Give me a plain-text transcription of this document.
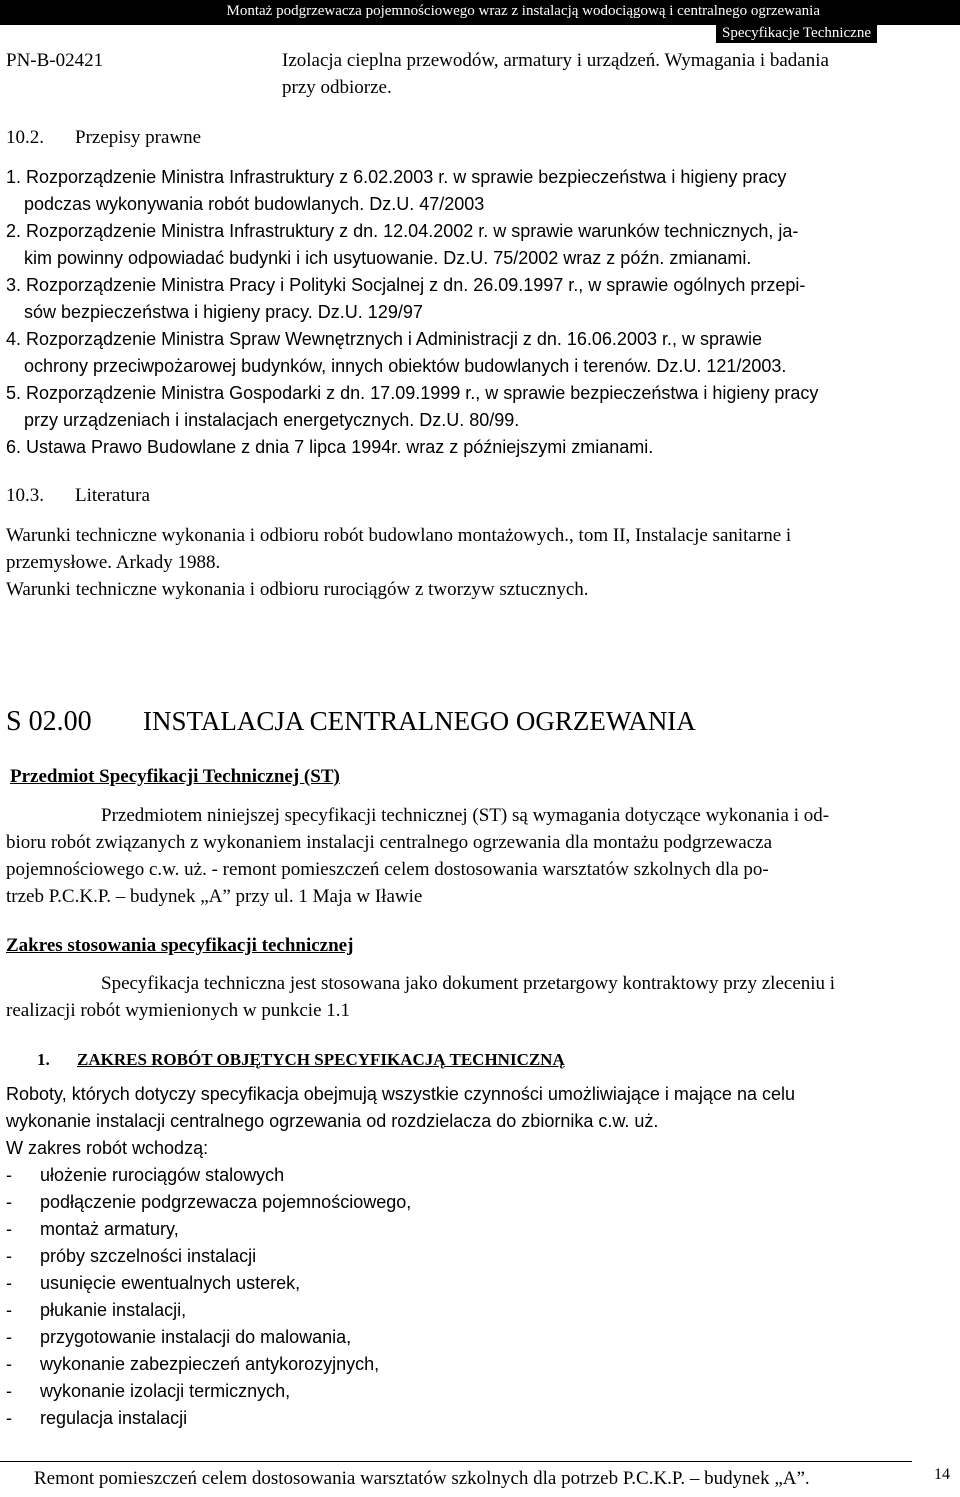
Montaż podgrzewacza pojemnościowego wraz z instalacją wodociągową i centralnego ogrzewania
Specyfikacje Techniczne
PN-B-02421	Izolacja cieplna przewodów, armatury i urządzeń. Wymagania i badania
przy odbiorze.
10.2. Przepisy prawne
1. Rozporządzenie Ministra Infrastruktury z 6.02.2003 r. w sprawie bezpieczeństwa i higieny pracy
podczas wykonywania robót budowlanych. Dz.U. 47/2003
2. Rozporządzenie Ministra Infrastruktury z dn. 12.04.2002 r. w sprawie warunków technicznych, ja-
kim powinny odpowiadać budynki i ich usytuowanie. Dz.U. 75/2002 wraz z późn. zmianami.
3. Rozporządzenie Ministra Pracy i Polityki Socjalnej z dn. 26.09.1997 r., w sprawie ogólnych przepi-
sów bezpieczeństwa i higieny pracy. Dz.U. 129/97
4. Rozporządzenie Ministra Spraw Wewnętrznych i Administracji z dn. 16.06.2003 r., w sprawie
ochrony przeciwpożarowej budynków, innych obiektów budowlanych i terenów. Dz.U. 121/2003.
5. Rozporządzenie Ministra Gospodarki z dn. 17.09.1999 r., w sprawie bezpieczeństwa i higieny pracy
przy urządzeniach i instalacjach energetycznych. Dz.U. 80/99.
6. Ustawa Prawo Budowlane z dnia 7 lipca 1994r. wraz z późniejszymi zmianami.
10.3. Literatura
Warunki techniczne wykonania i odbioru robót budowlano montażowych., tom II, Instalacje sanitarne i
przemysłowe. Arkady 1988.
Warunki techniczne wykonania i odbioru rurociągów z tworzyw sztucznych.
S 02.00 INSTALACJA CENTRALNEGO OGRZEWANIA
Przedmiot Specyfikacji Technicznej (ST)
Przedmiotem niniejszej specyfikacji technicznej (ST) są wymagania dotyczące wykonania i od-
bioru robót związanych z wykonaniem instalacji centralnego ogrzewania dla montażu podgrzewacza
pojemnościowego c.w. uż. - remont pomieszczeń celem dostosowania warsztatów szkolnych dla po-
trzeb P.C.K.P. – budynek „A” przy ul. 1 Maja w Iławie
Zakres stosowania specyfikacji technicznej
Specyfikacja techniczna jest stosowana jako dokument przetargowy kontraktowy przy zleceniu i
realizacji robót wymienionych w punkcie 1.1
1. ZAKRES ROBÓT OBJĘTYCH SPECYFIKACJĄ TECHNICZNĄ
Roboty, których dotyczy specyfikacja obejmują wszystkie czynności umożliwiające i mające na celu
wykonanie instalacji centralnego ogrzewania od rozdzielacza do zbiornika c.w. uż.
W zakres robót wchodzą:
- ułożenie rurociągów stalowych
- podłączenie podgrzewacza pojemnościowego,
- montaż armatury,
- próby szczelności instalacji
- usunięcie ewentualnych usterek,
- płukanie instalacji,
- przygotowanie instalacji do malowania,
- wykonanie zabezpieczeń antykorozyjnych,
- wykonanie izolacji termicznych,
- regulacja instalacji
Remont pomieszczeń celem dostosowania warsztatów szkolnych dla potrzeb P.C.K.P. – budynek „A”.	14
